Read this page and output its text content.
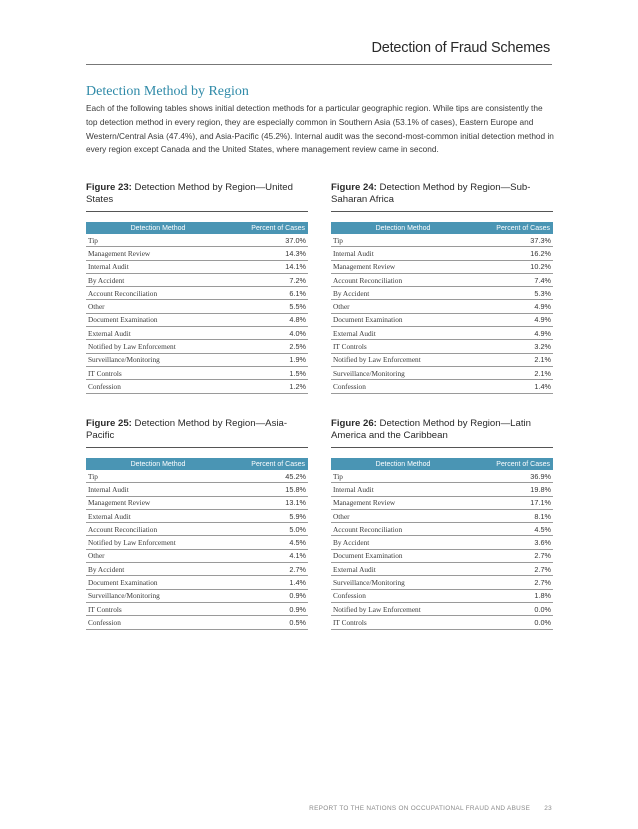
Detection of Fraud Schemes
Detection Method by Region
Each of the following tables shows initial detection methods for a particular geographic region. While tips are consistently the top detection method in every region, they are especially common in Southern Asia (53.1% of cases), Eastern Europe and Western/Central Asia (47.4%), and Asia-Pacific (45.2%). Internal audit was the second-most-common initial detection method in every region except Canada and the United States, where management review came in second.
Figure 23: Detection Method by Region—United States
Detection Method	Percent of Cases
Tip	37.0%
Management Review	14.3%
Internal Audit	14.1%
By Accident	7.2%
Account Reconciliation	6.1%
Other	5.5%
Document Examination	4.8%
External Audit	4.0%
Notified by Law Enforcement	2.5%
Surveillance/Monitoring	1.9%
IT Controls	1.5%
Confession	1.2%
Figure 24: Detection Method by Region—Sub-Saharan Africa
Detection Method	Percent of Cases
Tip	37.3%
Internal Audit	16.2%
Management Review	10.2%
Account Reconciliation	7.4%
By Accident	5.3%
Other	4.9%
Document Examination	4.9%
External Audit	4.9%
IT Controls	3.2%
Notified by Law Enforcement	2.1%
Surveillance/Monitoring	2.1%
Confession	1.4%
Figure 25: Detection Method by Region—Asia-Pacific
Detection Method	Percent of Cases
Tip	45.2%
Internal Audit	15.8%
Management Review	13.1%
External Audit	5.9%
Account Reconciliation	5.0%
Notified by Law Enforcement	4.5%
Other	4.1%
By Accident	2.7%
Document Examination	1.4%
Surveillance/Monitoring	0.9%
IT Controls	0.9%
Confession	0.5%
Figure 26: Detection Method by Region—Latin America and the Caribbean
Detection Method	Percent of Cases
Tip	36.9%
Internal Audit	19.8%
Management Review	17.1%
Other	8.1%
Account Reconciliation	4.5%
By Accident	3.6%
Document Examination	2.7%
External Audit	2.7%
Surveillance/Monitoring	2.7%
Confession	1.8%
Notified by Law Enforcement	0.0%
IT Controls	0.0%
REPORT TO THE NATIONS ON OCCUPATIONAL FRAUD AND ABUSE 23
